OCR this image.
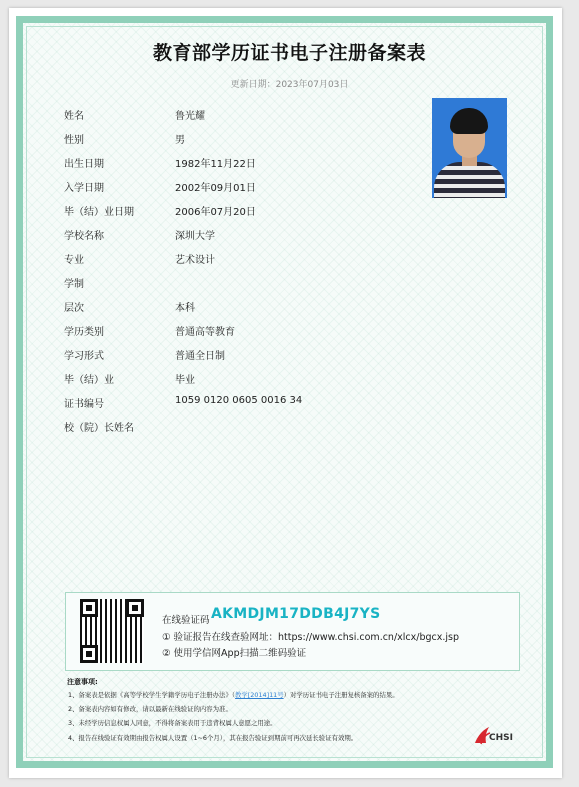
教育部学历证书电子注册备案表
更新日期：2023年07月03日
姓名	鲁光耀
性别	男
出生日期	1982年11月22日
入学日期	2002年09月01日
毕（结）业日期	2006年07月20日
学校名称	深圳大学
专业	艺术设计
学制
层次	本科
学历类别	普通高等教育
学习形式	普通全日制
毕（结）业	毕业
证书编号	1059 0120 0605 0016 34
校（院）长姓名
在线验证码 AKMDJM17DDB4J7YS
① 验证报告在线查验网址：https://www.chsi.com.cn/xlcx/bgcx.jsp
② 使用学信网App扫描二维码验证
注意事项:
1、备案表是依据《高等学校学生学籍学历电子注册办法》（教学[2014]11号）对学历证书电子注册复核备案的结果。
2、备案表内容如有修改，请以最新在线验证的内容为准。
3、未经学历信息权属人同意，不得将备案表用于违背权属人意愿之用途。
4、报告在线验证有效期由报告权属人设置（1~6个月），其在报告验证到期前可再次延长验证有效期。	CHSI
